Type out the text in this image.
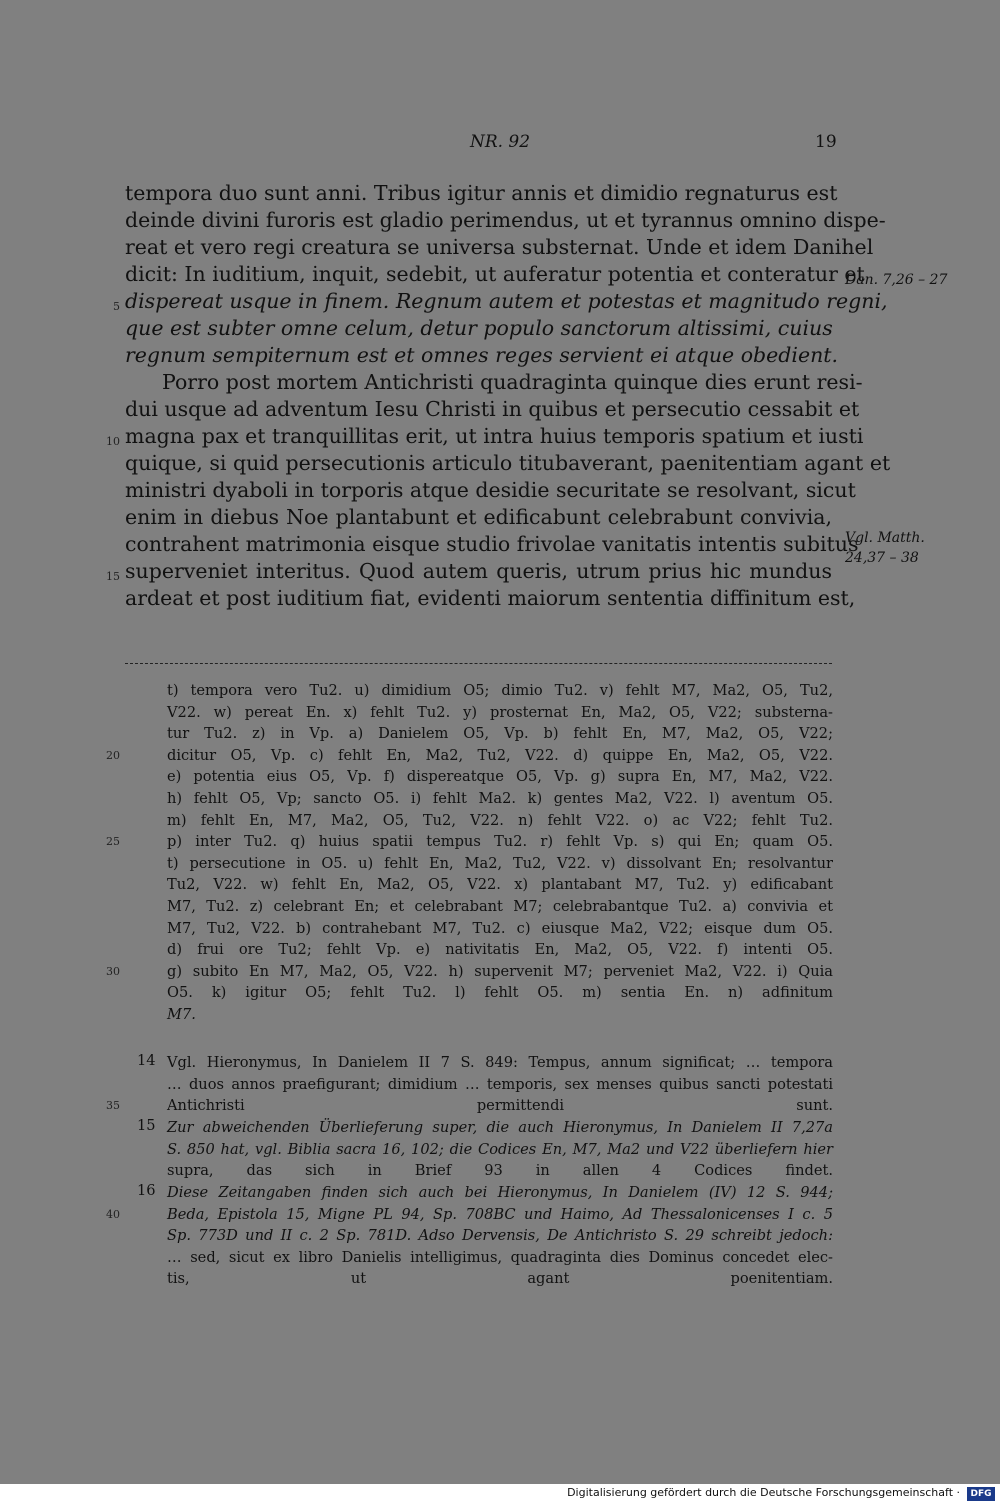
NR. 92	19
tempora duo sunt anni. Tribus igitur annis et dimidio regnaturus est
deinde divini furoris est gladio perimendus, ut et tyrannus omnino dispe-
reat et vero regi creatura se universa substernat. Unde et idem Danihel
dicit: In iuditium, inquit, sedebit, ut auferatur potentia et conteratur et
dispereat usque in finem. Regnum autem et potestas et magnitudo regni,
que est subter omne celum, detur populo sanctorum altissimi, cuius
regnum sempiternum est et omnes reges servient ei atque obedient.
Porro post mortem Antichristi quadraginta quinque dies erunt resi-
dui usque ad adventum Iesu Christi in quibus et persecutio cessabit et
magna pax et tranquillitas erit, ut intra huius temporis spatium et iusti
quique, si quid persecutionis articulo titubaverant, paenitentiam agant et
ministri dyaboli in torporis atque desidie securitate se resolvant, sicut
enim in diebus Noe plantabunt et edificabunt celebrabunt convivia,
contrahent matrimonia eisque studio frivolae vanitatis intentis subitus
superveniet interitus. Quod autem queris, utrum prius hic mundus
ardeat et post iuditium fiat, evidenti maiorum sententia diffinitum est,
5
10
15
Dan. 7,26 – 27
Vgl. Matth.
24,37 – 38
t) tempora vero Tu2. u) dimidium O5; dimio Tu2. v) fehlt M7, Ma2, O5, Tu2,
V22. w) pereat En. x) fehlt Tu2. y) prosternat En, Ma2, O5, V22; substerna-
tur Tu2. z) in Vp. a) Danielem O5, Vp. b) fehlt En, M7, Ma2, O5, V22;
dicitur O5, Vp. c) fehlt En, Ma2, Tu2, V22. d) quippe En, Ma2, O5, V22.
e) potentia eius O5, Vp. f) dispereatque O5, Vp. g) supra En, M7, Ma2, V22.
h) fehlt O5, Vp; sancto O5. i) fehlt Ma2. k) gentes Ma2, V22. l) aventum O5.
m) fehlt En, M7, Ma2, O5, Tu2, V22. n) fehlt V22. o) ac V22; fehlt Tu2.
p) inter Tu2. q) huius spatii tempus Tu2. r) fehlt Vp. s) qui En; quam O5.
t) persecutione in O5. u) fehlt En, Ma2, Tu2, V22. v) dissolvant En; resolvantur
Tu2, V22. w) fehlt En, Ma2, O5, V22. x) plantabant M7, Tu2. y) edificabant
M7, Tu2. z) celebrant En; et celebrabant M7; celebrabantque Tu2. a) convivia et
M7, Tu2, V22. b) contrahebant M7, Tu2. c) eiusque Ma2, V22; eisque dum O5.
d) frui ore Tu2; fehlt Vp. e) nativitatis En, Ma2, O5, V22. f) intenti O5.
g) subito En M7, Ma2, O5, V22. h) supervenit M7; perveniet Ma2, V22. i) Quia
O5. k) igitur O5; fehlt Tu2. l) fehlt O5. m) sentia En. n) adfinitum
M7.
20
25
30
14 Vgl. Hieronymus, In Danielem II 7 S. 849: Tempus, annum significat; … tempora
… duos annos praefigurant; dimidium … temporis, sex menses quibus sancti potestati
Antichristi permittendi sunt.
15 Zur abweichenden Überlieferung super, die auch Hieronymus, In Danielem II 7,27a
S. 850 hat, vgl. Biblia sacra 16, 102; die Codices En, M7, Ma2 und V22 überliefern hier
supra, das sich in Brief 93 in allen 4 Codices findet.
16 Diese Zeitangaben finden sich auch bei Hieronymus, In Danielem (IV) 12 S. 944;
Beda, Epistola 15, Migne PL 94, Sp. 708BC und Haimo, Ad Thessalonicenses I c. 5
Sp. 773D und II c. 2 Sp. 781D. Adso Dervensis, De Antichristo S. 29 schreibt jedoch:
… sed, sicut ex libro Danielis intelligimus, quadraginta dies Dominus concedet elec-
tis, ut agant poenitentiam.
35
40
Digitalisierung gefördert durch die Deutsche Forschungsgemeinschaft ·	DFG
